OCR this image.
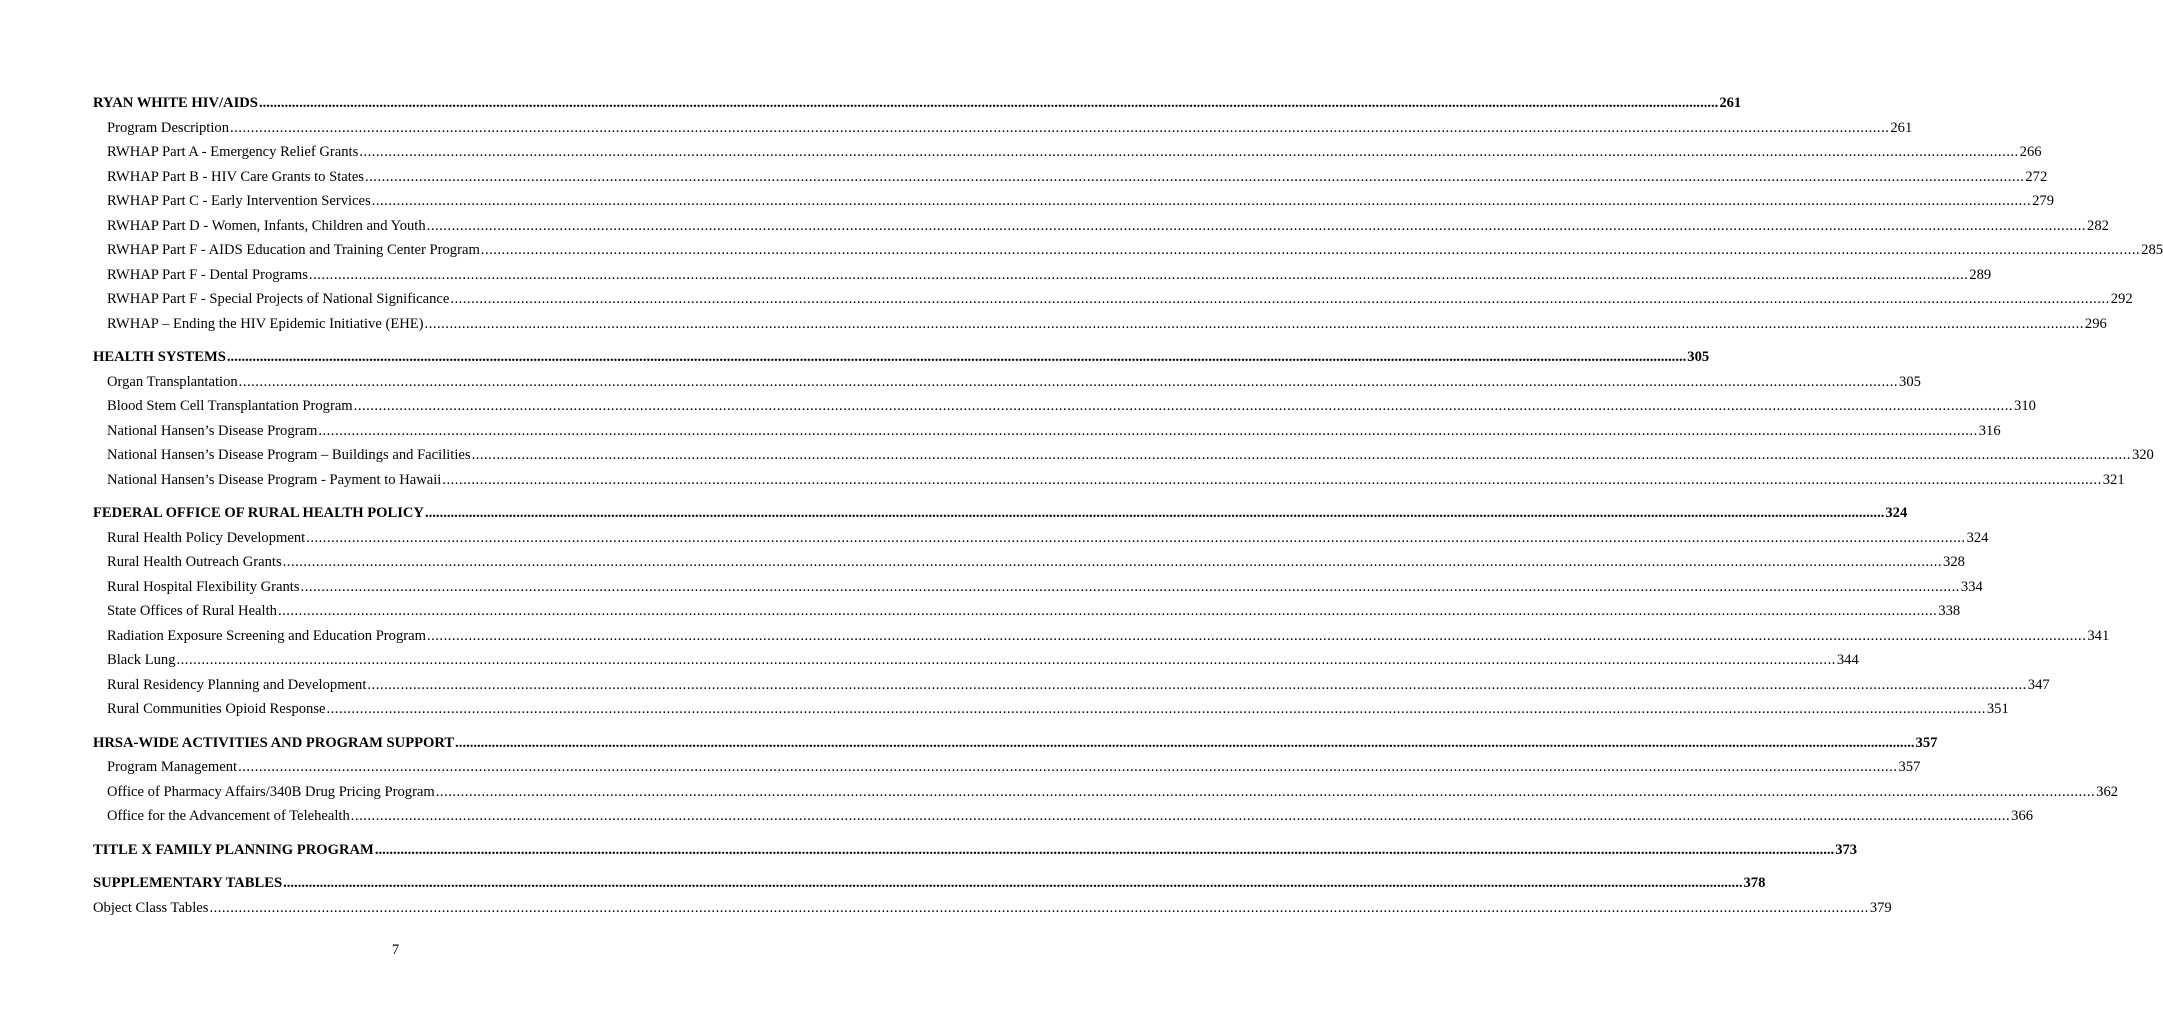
RYAN WHITE HIV/AIDS ................................................................................................................................................................................................................................................................................................................................................................................................................ 261
Program Description ................................................................................................................................................................................................................................................................................................................................................................................................................ 261
RWHAP Part A - Emergency Relief Grants ................................................................................................................................................................................................................................................................................................................................................................................................................ 266
RWHAP Part B - HIV Care Grants to States ................................................................................................................................................................................................................................................................................................................................................................................................................ 272
RWHAP Part C - Early Intervention Services ................................................................................................................................................................................................................................................................................................................................................................................................................ 279
RWHAP Part D - Women, Infants, Children and Youth ................................................................................................................................................................................................................................................................................................................................................................................................................ 282
RWHAP Part F - AIDS Education and Training Center Program ................................................................................................................................................................................................................................................................................................................................................................................................................ 285
RWHAP Part F - Dental Programs ................................................................................................................................................................................................................................................................................................................................................................................................................ 289
RWHAP Part F - Special Projects of National Significance ................................................................................................................................................................................................................................................................................................................................................................................................................ 292
RWHAP – Ending the HIV Epidemic Initiative (EHE) ................................................................................................................................................................................................................................................................................................................................................................................................................ 296
HEALTH SYSTEMS ................................................................................................................................................................................................................................................................................................................................................................................................................ 305
Organ Transplantation ................................................................................................................................................................................................................................................................................................................................................................................................................ 305
Blood Stem Cell Transplantation Program ................................................................................................................................................................................................................................................................................................................................................................................................................ 310
National Hansen’s Disease Program ................................................................................................................................................................................................................................................................................................................................................................................................................ 316
National Hansen’s Disease Program – Buildings and Facilities ................................................................................................................................................................................................................................................................................................................................................................................................................ 320
National Hansen’s Disease Program - Payment to Hawaii ................................................................................................................................................................................................................................................................................................................................................................................................................ 321
FEDERAL OFFICE OF RURAL HEALTH POLICY ................................................................................................................................................................................................................................................................................................................................................................................................................ 324
Rural Health Policy Development ................................................................................................................................................................................................................................................................................................................................................................................................................ 324
Rural Health Outreach Grants ................................................................................................................................................................................................................................................................................................................................................................................................................ 328
Rural Hospital Flexibility Grants ................................................................................................................................................................................................................................................................................................................................................................................................................ 334
State Offices of Rural Health ................................................................................................................................................................................................................................................................................................................................................................................................................ 338
Radiation Exposure Screening and Education Program ................................................................................................................................................................................................................................................................................................................................................................................................................ 341
Black Lung ................................................................................................................................................................................................................................................................................................................................................................................................................ 344
Rural Residency Planning and Development ................................................................................................................................................................................................................................................................................................................................................................................................................ 347
Rural Communities Opioid Response ................................................................................................................................................................................................................................................................................................................................................................................................................ 351
HRSA-WIDE ACTIVITIES AND PROGRAM SUPPORT ................................................................................................................................................................................................................................................................................................................................................................................................................ 357
Program Management ................................................................................................................................................................................................................................................................................................................................................................................................................ 357
Office of Pharmacy Affairs/340B Drug Pricing Program ................................................................................................................................................................................................................................................................................................................................................................................................................ 362
Office for the Advancement of Telehealth ................................................................................................................................................................................................................................................................................................................................................................................................................ 366
TITLE X FAMILY PLANNING PROGRAM ................................................................................................................................................................................................................................................................................................................................................................................................................ 373
SUPPLEMENTARY TABLES ................................................................................................................................................................................................................................................................................................................................................................................................................ 378
Object Class Tables ................................................................................................................................................................................................................................................................................................................................................................................................................ 379
7
